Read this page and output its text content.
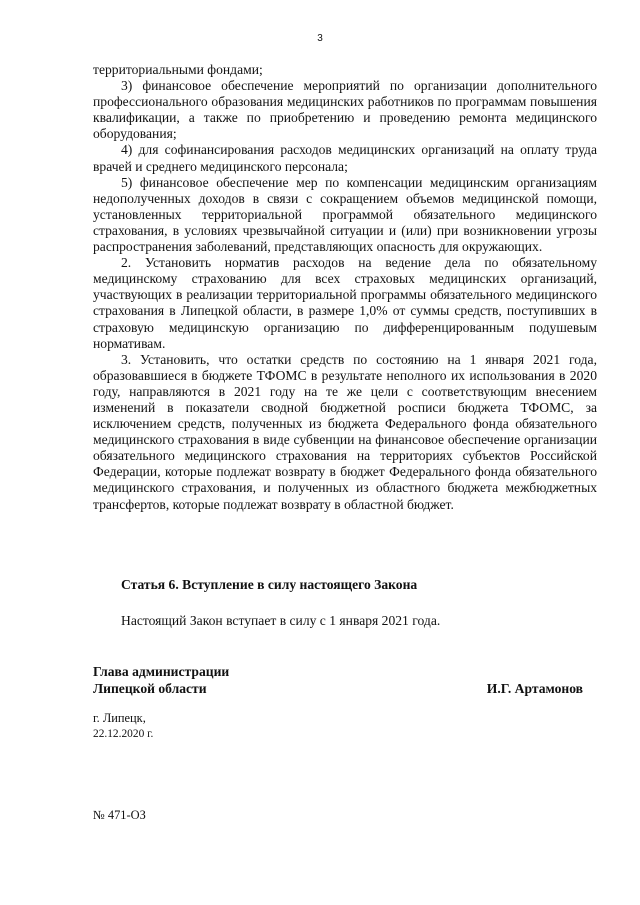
3

территориальными фондами;

3) финансовое обеспечение мероприятий по организации дополнительного профессионального образования медицинских работников по программам повышения квалификации, а также по приобретению и проведению ремонта медицинского оборудования;

4) для софинансирования расходов медицинских организаций на оплату труда врачей и среднего медицинского персонала;

5) финансовое обеспечение мер по компенсации медицинским организациям недополученных доходов в связи с сокращением объемов медицинской помощи, установленных территориальной программой обязательного медицинского страхования, в условиях чрезвычайной ситуации и (или) при возникновении угрозы распространения заболеваний, представляющих опасность для окружающих.

2. Установить норматив расходов на ведение дела по обязательному медицинскому страхованию для всех страховых медицинских организаций, участвующих в реализации территориальной программы обязательного медицинского страхования в Липецкой области, в размере 1,0% от суммы средств, поступивших в страховую медицинскую организацию по дифференцированным подушевым нормативам.

3. Установить, что остатки средств по состоянию на 1 января 2021 года, образовавшиеся в бюджете ТФОМС в результате неполного их использования в 2020 году, направляются в 2021 году на те же цели с соответствующим внесением изменений в показатели сводной бюджетной росписи бюджета ТФОМС, за исключением средств, полученных из бюджета Федерального фонда обязательного медицинского страхования в виде субвенции на финансовое обеспечение организации обязательного медицинского страхования на территориях субъектов Российской Федерации, которые подлежат возврату в бюджет Федерального фонда обязательного медицинского страхования, и полученных из областного бюджета межбюджетных трансфертов, которые подлежат возврату в областной бюджет.

Статья 6. Вступление в силу настоящего Закона

Настоящий Закон вступает в силу с 1 января 2021 года.

Глава администрации
Липецкой области	И.Г. Артамонов
г. Липецк,
22.12.2020 г.
№ 471-ОЗ
